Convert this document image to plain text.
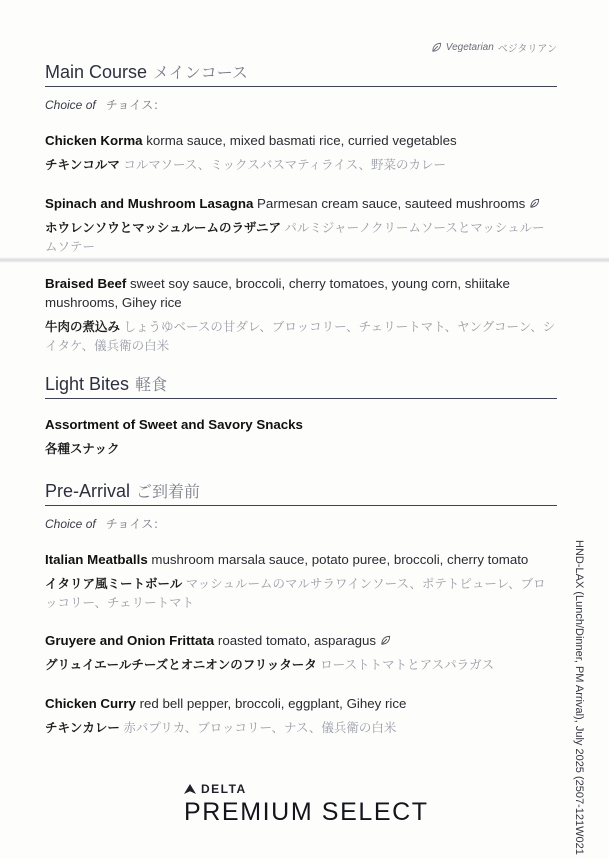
Vegetarian ベジタリアン
Main Course メインコース
Choice of チョイス：
Chicken Korma korma sauce, mixed basmati rice, curried vegetables
チキンコルマ コルマソース、ミックスバスマティライス、野菜のカレー
Spinach and Mushroom Lasagna Parmesan cream sauce, sauteed mushrooms
ホウレンソウとマッシュルームのラザニア パルミジャーノクリームソースとマッシュルームソテー
Braised Beef sweet soy sauce, broccoli, cherry tomatoes, young corn, shiitake mushrooms, Gihey rice
牛肉の煮込み しょうゆベースの甘ダレ、ブロッコリー、チェリートマト、ヤングコーン、シイタケ、儀兵衛の白米
Light Bites 軽食
Assortment of Sweet and Savory Snacks
各種スナック
Pre-Arrival ご到着前
Choice of チョイス：
Italian Meatballs mushroom marsala sauce, potato puree, broccoli, cherry tomato
イタリア風ミートボール マッシュルームのマルサラワインソース、ポテトピューレ、ブロッコリー、チェリートマト
Gruyere and Onion Frittata roasted tomato, asparagus
グリュイエールチーズとオニオンのフリッタータ ローストトマトとアスパラガス
Chicken Curry red bell pepper, broccoli, eggplant, Gihey rice
チキンカレー 赤パプリカ、ブロッコリー、ナス、儀兵衛の白米	HND-LAX (Lunch/Dinner, PM Arrival), July 2025 (2507-121W021
DELTA
PREMIUM SELECT
